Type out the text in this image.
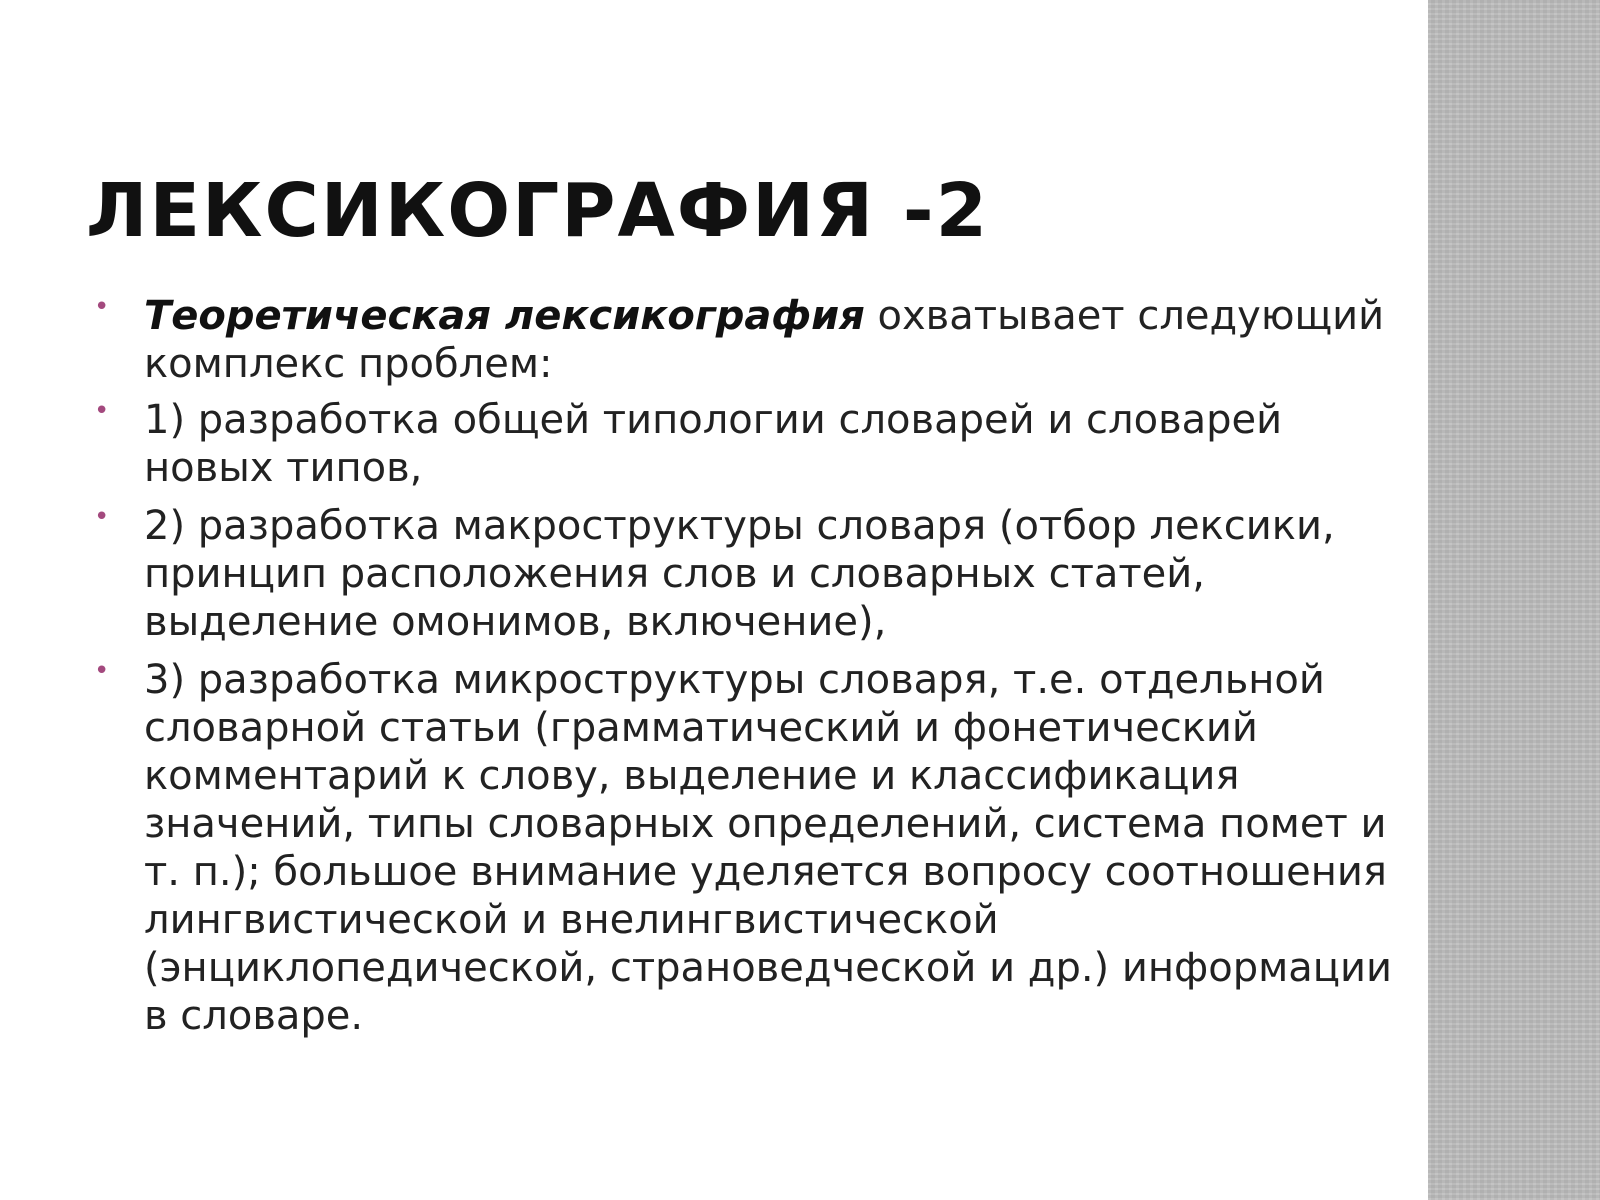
ЛЕКСИКОГРАФИЯ -2
• Теоретическая лексикография охватывает следующий комплекс проблем:
• 1) разработка общей типологии словарей и словарей новых типов,
• 2) разработка макроструктуры словаря (отбор лексики, принцип расположения слов и словарных статей, выделение омонимов, включение),
• 3) разработка микроструктуры словаря, т.е. отдельной словарной статьи (грамматический и фонетический комментарий к слову, выделение и классификация значений, типы словарных определений, система помет и т. п.); большое внимание уделяется вопросу соотношения лингвистической и внелингвистической (энциклопедической, страноведческой и др.) информации в словаре.
